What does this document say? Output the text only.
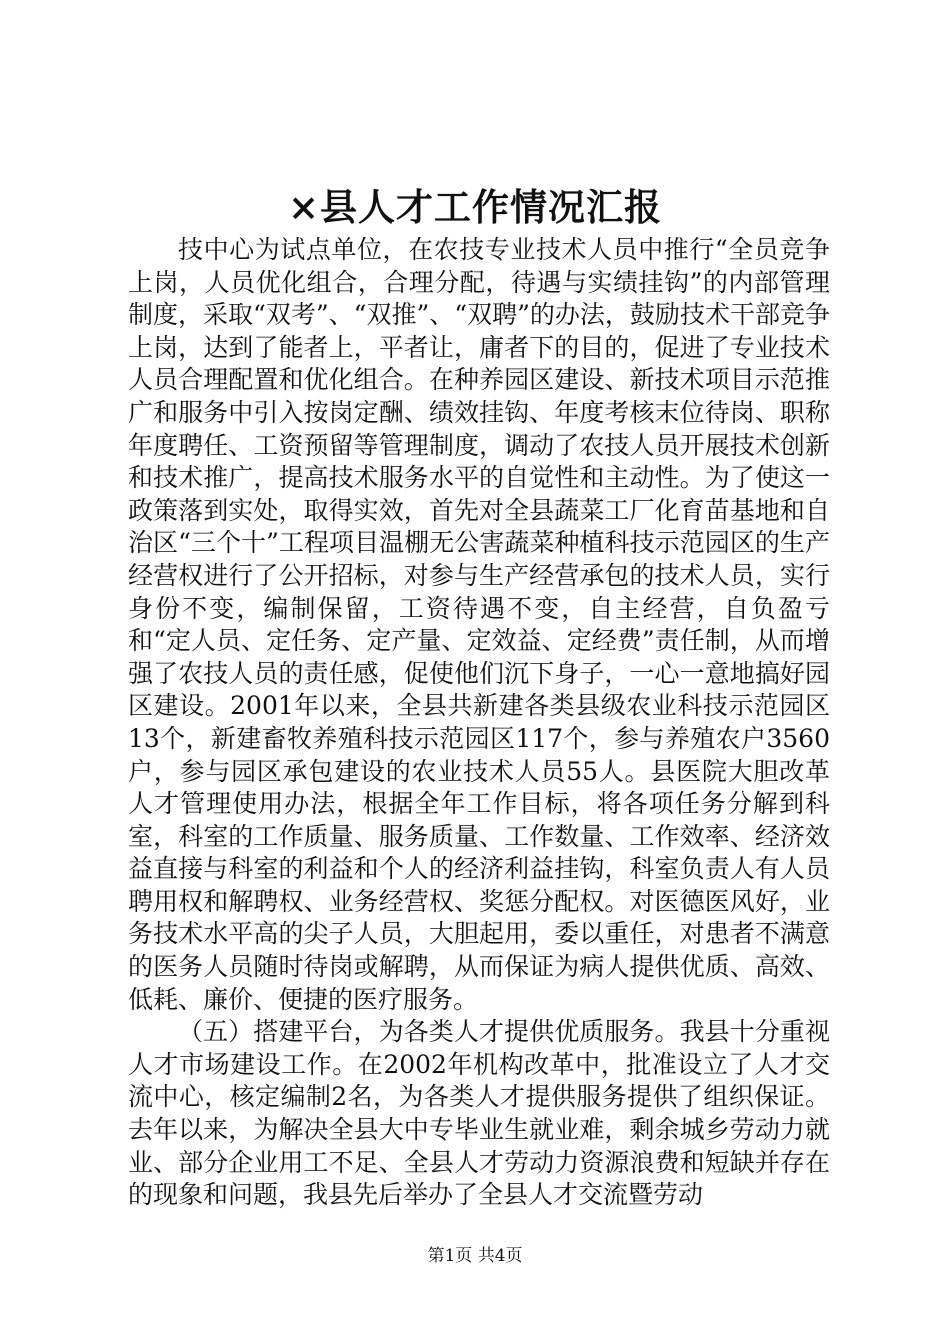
×县人才工作情况汇报

技中心为试点单位，在农技专业技术人员中推行“全员竞争上岗，人员优化组合，合理分配，待遇与实绩挂钩”的内部管理制度，采取“双考”、“双推”、“双聘”的办法，鼓励技术干部竞争上岗，达到了能者上，平者让，庸者下的目的，促进了专业技术人员合理配置和优化组合。在种养园区建设、新技术项目示范推广和服务中引入按岗定酬、绩效挂钩、年度考核末位待岗、职称年度聘任、工资预留等管理制度，调动了农技人员开展技术创新和技术推广，提高技术服务水平的自觉性和主动性。为了使这一政策落到实处，取得实效，首先对全县蔬菜工厂化育苗基地和自治区“三个十”工程项目温棚无公害蔬菜种植科技示范园区的生产经营权进行了公开招标，对参与生产经营承包的技术人员，实行身份不变，编制保留，工资待遇不变，自主经营，自负盈亏和“定人员、定任务、定产量、定效益、定经费”责任制，从而增强了农技人员的责任感，促使他们沉下身子，一心一意地搞好园区建设。2001年以来，全县共新建各类县级农业科技示范园区13个，新建畜牧养殖科技示范园区117个，参与养殖农户3560户，参与园区承包建设的农业技术人员55人。县医院大胆改革人才管理使用办法，根据全年工作目标，将各项任务分解到科室，科室的工作质量、服务质量、工作数量、工作效率、经济效益直接与科室的利益和个人的经济利益挂钩，科室负责人有人员聘用权和解聘权、业务经营权、奖惩分配权。对医德医风好，业务技术水平高的尖子人员，大胆起用，委以重任，对患者不满意的医务人员随时待岗或解聘，从而保证为病人提供优质、高效、低耗、廉价、便捷的医疗服务。

（五）搭建平台，为各类人才提供优质服务。我县十分重视人才市场建设工作。在2002年机构改革中，批准设立了人才交流中心，核定编制2名，为各类人才提供服务提供了组织保证。去年以来，为解决全县大中专毕业生就业难，剩余城乡劳动力就业、部分企业用工不足、全县人才劳动力资源浪费和短缺并存在的现象和问题，我县先后举办了全县人才交流暨劳动

第1页 共4页
